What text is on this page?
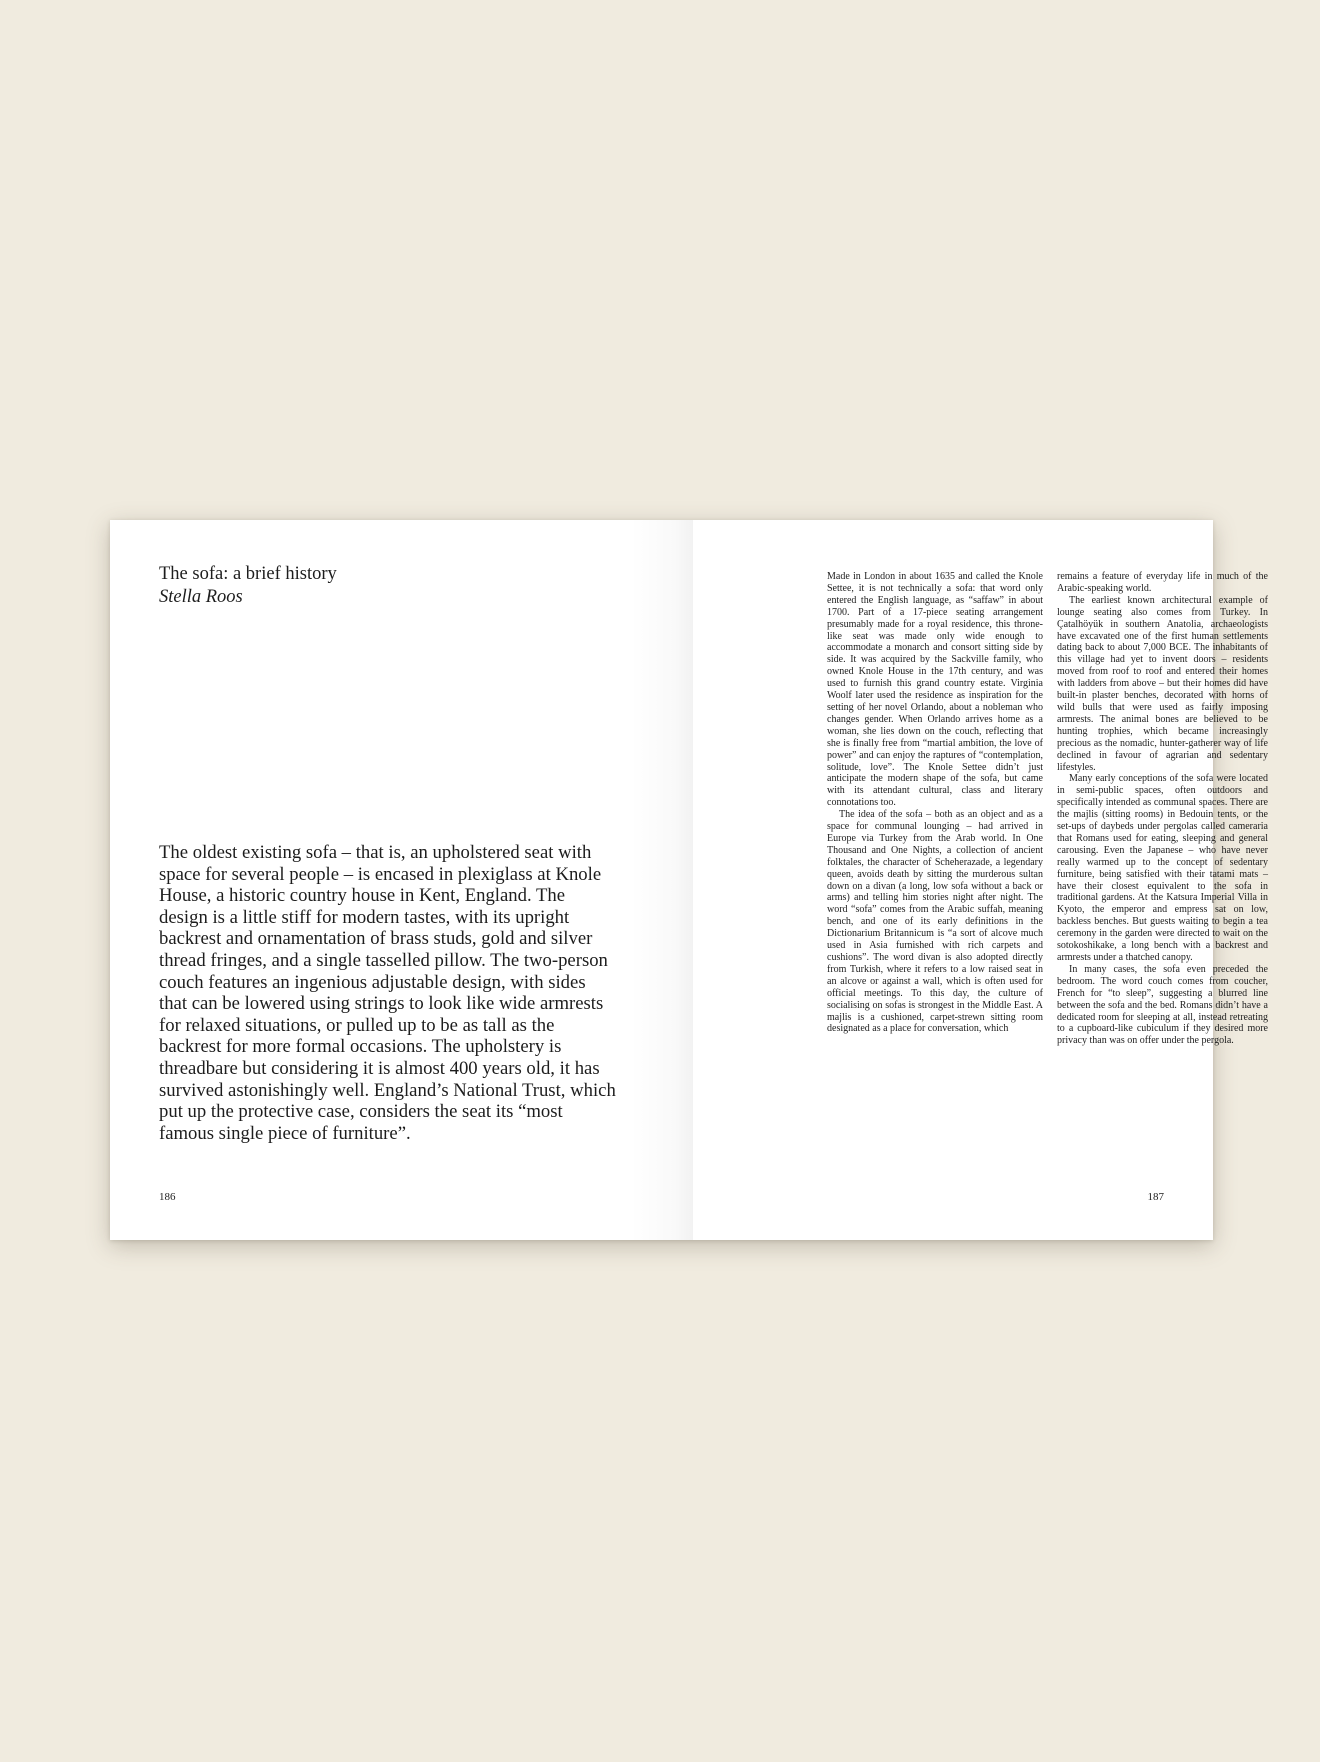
The sofa: a brief history
Stella Roos

The oldest existing sofa – that is, an upholstered seat with space for several people – is encased in plexiglass at Knole House, a historic country house in Kent, England. The design is a little stiff for modern tastes, with its upright backrest and ornamentation of brass studs, gold and silver thread fringes, and a single tasselled pillow. The two-person couch features an ingenious adjustable design, with sides that can be lowered using strings to look like wide armrests for relaxed situations, or pulled up to be as tall as the backrest for more formal occasions. The upholstery is threadbare but considering it is almost 400 years old, it has survived astonishingly well. England’s National Trust, which put up the protective case, considers the seat its “most famous single piece of furniture”.

186

Made in London in about 1635 and called the Knole Settee, it is not technically a sofa: that word only entered the English language, as “saffaw” in about 1700. Part of a 17-piece seating arrangement presumably made for a royal residence, this throne-like seat was made only wide enough to accommodate a monarch and consort sitting side by side. It was acquired by the Sackville family, who owned Knole House in the 17th century, and was used to furnish this grand country estate. Virginia Woolf later used the residence as inspiration for the setting of her novel Orlando, about a nobleman who changes gender. When Orlando arrives home as a woman, she lies down on the couch, reflecting that she is finally free from “martial ambition, the love of power” and can enjoy the raptures of “contemplation, solitude, love”. The Knole Settee didn’t just anticipate the modern shape of the sofa, but came with its attendant cultural, class and literary connotations too.

The idea of the sofa – both as an object and as a space for communal lounging – had arrived in Europe via Turkey from the Arab world. In One Thousand and One Nights, a collection of ancient folktales, the character of Scheherazade, a legendary queen, avoids death by sitting the murderous sultan down on a divan (a long, low sofa without a back or arms) and telling him stories night after night. The word “sofa” comes from the Arabic suffah, meaning bench, and one of its early definitions in the Dictionarium Britannicum is “a sort of alcove much used in Asia furnished with rich carpets and cushions”. The word divan is also adopted directly from Turkish, where it refers to a low raised seat in an alcove or against a wall, which is often used for official meetings. To this day, the culture of socialising on sofas is strongest in the Middle East. A majlis is a cushioned, carpet-strewn sitting room designated as a place for conversation, which

remains a feature of everyday life in much of the Arabic-speaking world.

The earliest known architectural example of lounge seating also comes from Turkey. In Çatalhöyük in southern Anatolia, archaeologists have excavated one of the first human settlements dating back to about 7,000 BCE. The inhabitants of this village had yet to invent doors – residents moved from roof to roof and entered their homes with ladders from above – but their homes did have built-in plaster benches, decorated with horns of wild bulls that were used as fairly imposing armrests. The animal bones are believed to be hunting trophies, which became increasingly precious as the nomadic, hunter-gatherer way of life declined in favour of agrarian and sedentary lifestyles.

Many early conceptions of the sofa were located in semi-public spaces, often outdoors and specifically intended as communal spaces. There are the majlis (sitting rooms) in Bedouin tents, or the set-ups of daybeds under pergolas called cameraria that Romans used for eating, sleeping and general carousing. Even the Japanese – who have never really warmed up to the concept of sedentary furniture, being satisfied with their tatami mats – have their closest equivalent to the sofa in traditional gardens. At the Katsura Imperial Villa in Kyoto, the emperor and empress sat on low, backless benches. But guests waiting to begin a tea ceremony in the garden were directed to wait on the sotokoshikake, a long bench with a backrest and armrests under a thatched canopy.

In many cases, the sofa even preceded the bedroom. The word couch comes from coucher, French for “to sleep”, suggesting a blurred line between the sofa and the bed. Romans didn’t have a dedicated room for sleeping at all, instead retreating to a cupboard-like cubiculum if they desired more privacy than was on offer under the pergola.

187
